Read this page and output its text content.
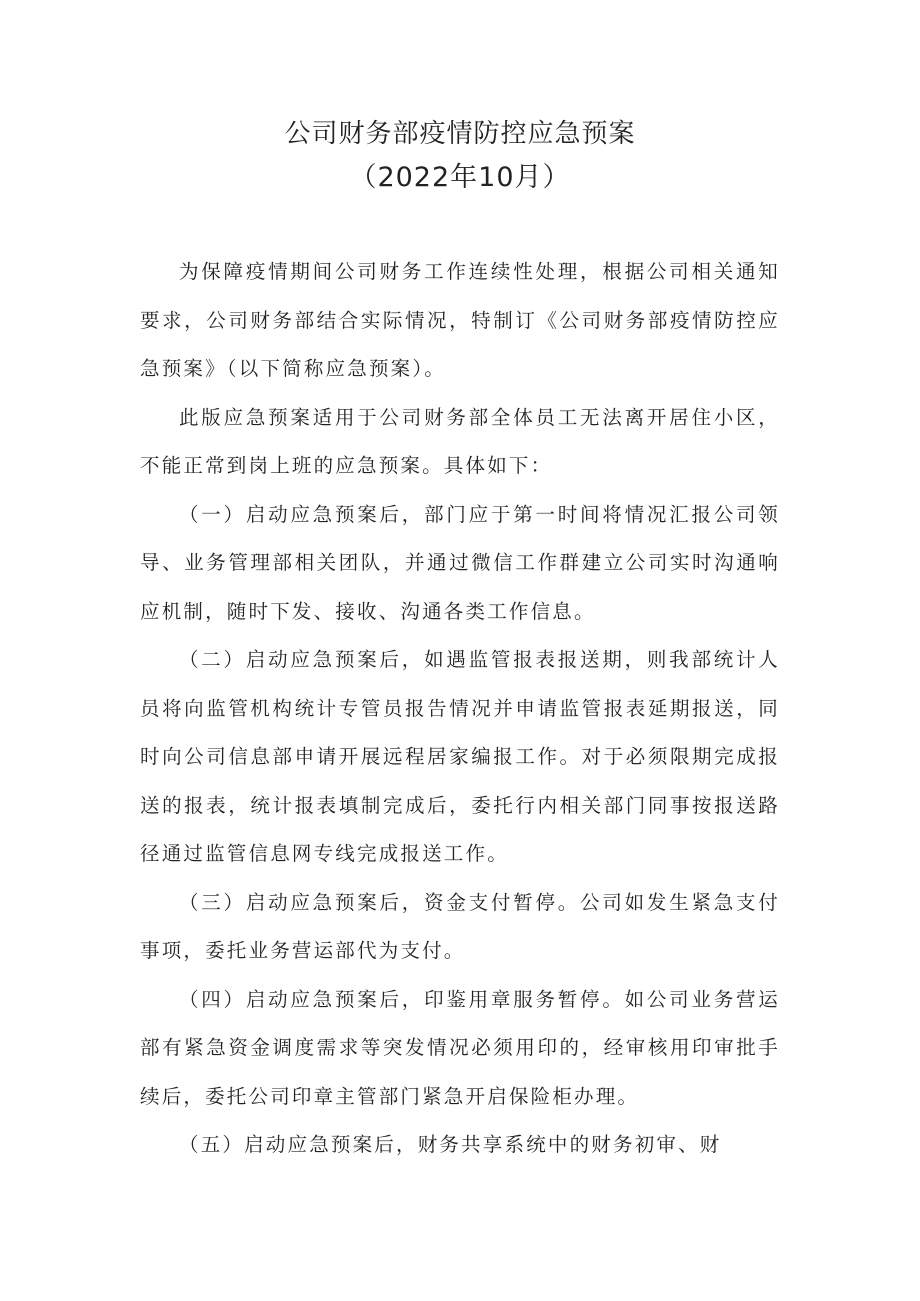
公司财务部疫情防控应急预案
（2022年10月）

为保障疫情期间公司财务工作连续性处理，根据公司相关通知要求，公司财务部结合实际情况，特制订《公司财务部疫情防控应急预案》（以下简称应急预案）。

此版应急预案适用于公司财务部全体员工无法离开居住小区，不能正常到岗上班的应急预案。具体如下：

（一）启动应急预案后，部门应于第一时间将情况汇报公司领导、业务管理部相关团队，并通过微信工作群建立公司实时沟通响应机制，随时下发、接收、沟通各类工作信息。

（二）启动应急预案后，如遇监管报表报送期，则我部统计人员将向监管机构统计专管员报告情况并申请监管报表延期报送，同时向公司信息部申请开展远程居家编报工作。对于必须限期完成报送的报表，统计报表填制完成后，委托行内相关部门同事按报送路径通过监管信息网专线完成报送工作。

（三）启动应急预案后，资金支付暂停。公司如发生紧急支付事项，委托业务营运部代为支付。

（四）启动应急预案后，印鉴用章服务暂停。如公司业务营运部有紧急资金调度需求等突发情况必须用印的，经审核用印审批手续后，委托公司印章主管部门紧急开启保险柜办理。

（五）启动应急预案后，财务共享系统中的财务初审、财
